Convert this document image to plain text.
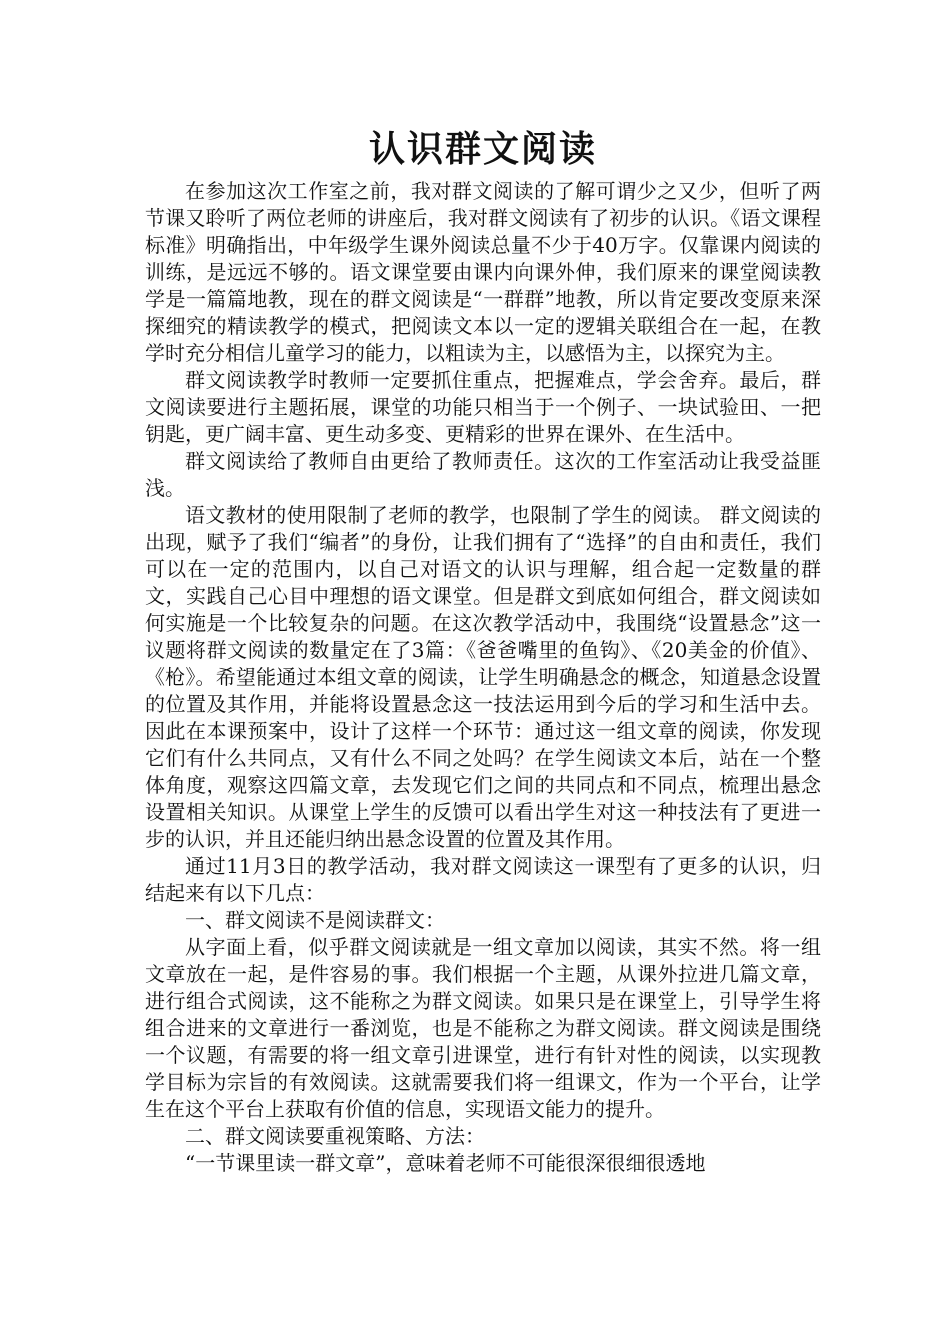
认识群文阅读

在参加这次工作室之前，我对群文阅读的了解可谓少之又少，但听了两节课又聆听了两位老师的讲座后，我对群文阅读有了初步的认识。《语文课程标准》明确指出，中年级学生课外阅读总量不少于40万字。仅靠课内阅读的训练，是远远不够的。语文课堂要由课内向课外伸，我们原来的课堂阅读教学是一篇篇地教，现在的群文阅读是“一群群”地教，所以肯定要改变原来深探细究的精读教学的模式，把阅读文本以一定的逻辑关联组合在一起，在教学时充分相信儿童学习的能力，以粗读为主，以感悟为主，以探究为主。

群文阅读教学时教师一定要抓住重点，把握难点，学会舍弃。最后，群文阅读要进行主题拓展，课堂的功能只相当于一个例子、一块试验田、一把钥匙，更广阔丰富、更生动多变、更精彩的世界在课外、在生活中。

群文阅读给了教师自由更给了教师责任。这次的工作室活动让我受益匪浅。

语文教材的使用限制了老师的教学，也限制了学生的阅读。 群文阅读的出现，赋予了我们“编者”的身份，让我们拥有了“选择”的自由和责任，我们可以在一定的范围内，以自己对语文的认识与理解，组合起一定数量的群文，实践自己心目中理想的语文课堂。但是群文到底如何组合，群文阅读如何实施是一个比较复杂的问题。在这次教学活动中，我围绕“设置悬念”这一议题将群文阅读的数量定在了3篇：《爸爸嘴里的鱼钩》、《20美金的价值》、《枪》。希望能通过本组文章的阅读，让学生明确悬念的概念，知道悬念设置的位置及其作用，并能将设置悬念这一技法运用到今后的学习和生活中去。因此在本课预案中，设计了这样一个环节：通过这一组文章的阅读，你发现它们有什么共同点，又有什么不同之处吗？在学生阅读文本后，站在一个整体角度，观察这四篇文章，去发现它们之间的共同点和不同点，梳理出悬念设置相关知识。从课堂上学生的反馈可以看出学生对这一种技法有了更进一步的认识，并且还能归纳出悬念设置的位置及其作用。

通过11月3日的教学活动，我对群文阅读这一课型有了更多的认识，归结起来有以下几点：

一、群文阅读不是阅读群文：

从字面上看，似乎群文阅读就是一组文章加以阅读，其实不然。将一组文章放在一起，是件容易的事。我们根据一个主题，从课外拉进几篇文章，进行组合式阅读，这不能称之为群文阅读。如果只是在课堂上，引导学生将组合进来的文章进行一番浏览，也是不能称之为群文阅读。群文阅读是围绕一个议题，有需要的将一组文章引进课堂，进行有针对性的阅读，以实现教学目标为宗旨的有效阅读。这就需要我们将一组课文，作为一个平台，让学生在这个平台上获取有价值的信息，实现语文能力的提升。

二、群文阅读要重视策略、方法：

“一节课里读一群文章”，意味着老师不可能很深很细很透地
